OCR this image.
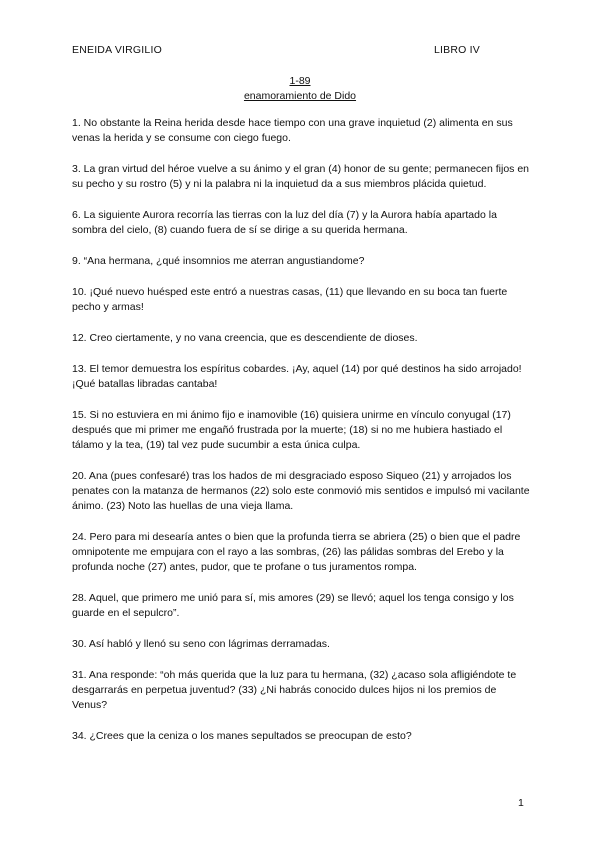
ENEIDA VIRGILIO	LIBRO IV
1-89
enamoramiento de Dido

1. No obstante la Reina herida desde hace tiempo con una grave inquietud (2) alimenta en sus venas la herida y se consume con ciego fuego.

3. La gran virtud del héroe vuelve a su ánimo y el gran (4) honor de su gente; permanecen fijos en su pecho y su rostro (5) y ni la palabra ni la inquietud da a sus miembros plácida quietud.

6. La siguiente Aurora recorría las tierras con la luz del día (7) y la Aurora había apartado la sombra del cielo, (8) cuando fuera de sí se dirige a su querida hermana.

9. “Ana hermana, ¿qué insomnios me aterran angustiandome?

10. ¡Qué nuevo huésped este entró a nuestras casas, (11) que llevando en su boca tan fuerte pecho y armas!

12. Creo ciertamente, y no vana creencia, que es descendiente de dioses.

13. El temor demuestra los espíritus cobardes. ¡Ay, aquel (14) por qué destinos ha sido arrojado! ¡Qué batallas libradas cantaba!

15. Si no estuviera en mi ánimo fijo e inamovible (16) quisiera unirme en vínculo conyugal (17) después que mi primer me engañó frustrada por la muerte; (18) si no me hubiera hastiado el tálamo y la tea, (19) tal vez pude sucumbir a esta única culpa.

20. Ana (pues confesaré) tras los hados de mi desgraciado esposo Siqueo (21) y arrojados los penates con la matanza de hermanos (22) solo este conmovió mis sentidos e impulsó mi vacilante ánimo. (23) Noto las huellas de una vieja llama.

24. Pero para mi desearía antes o bien que la profunda tierra se abriera (25) o bien que el padre omnipotente me empujara con el rayo a las sombras, (26) las pálidas sombras del Erebo y la profunda noche (27) antes, pudor, que te profane o tus juramentos rompa.

28. Aquel, que primero me unió para sí, mis amores (29) se llevó; aquel los tenga consigo y los guarde en el sepulcro”.

30. Así habló y llenó su seno con lágrimas derramadas.

31. Ana responde: “oh más querida que la luz para tu hermana, (32) ¿acaso sola afligiéndote te desgarrarás en perpetua juventud? (33) ¿Ni habrás conocido dulces hijos ni los premios de Venus?

34. ¿Crees que la ceniza o los manes sepultados se preocupan de esto?

1
